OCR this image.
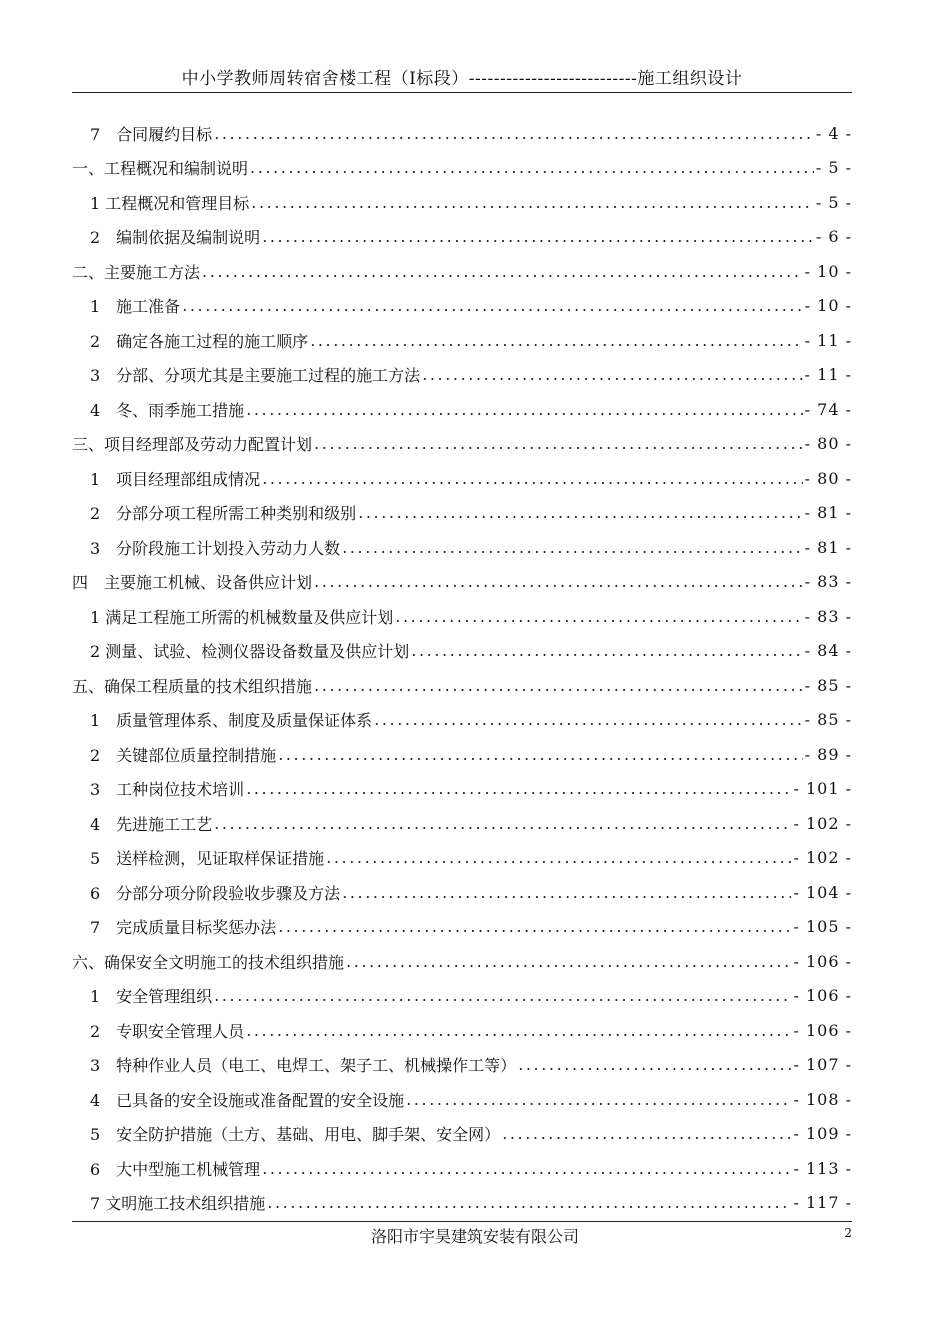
中小学教师周转宿舍楼工程（Ⅰ标段）---------------------------施工组织设计
7　合同履约目标 .....	- 4 -
一、工程概况和编制说明 .....	- 5 -
1 工程概况和管理目标 .....	- 5 -
2　编制依据及编制说明 .....	- 6 -
二、主要施工方法 .....	- 10 -
1　施工准备 .....	- 10 -
2　确定各施工过程的施工顺序 .....	- 11 -
3　分部、分项尤其是主要施工过程的施工方法 .....	- 11 -
4　冬、雨季施工措施 .....	- 74 -
三、项目经理部及劳动力配置计划 .....	- 80 -
1　项目经理部组成情况 .....	- 80 -
2　分部分项工程所需工种类别和级别 .....	- 81 -
3　分阶段施工计划投入劳动力人数 .....	- 81 -
四　主要施工机械、设备供应计划 .....	- 83 -
1 满足工程施工所需的机械数量及供应计划 .....	- 83 -
2 测量、试验、检测仪器设备数量及供应计划 .....	- 84 -
五、确保工程质量的技术组织措施 .....	- 85 -
1　质量管理体系、制度及质量保证体系 .....	- 85 -
2　关键部位质量控制措施 .....	- 89 -
3　工种岗位技术培训 .....	- 101 -
4　先进施工工艺 .....	- 102 -
5　送样检测，见证取样保证措施 .....	- 102 -
6　分部分项分阶段验收步骤及方法 .....	- 104 -
7　完成质量目标奖惩办法 .....	- 105 -
六、确保安全文明施工的技术组织措施 .....	- 106 -
1　安全管理组织 .....	- 106 -
2　专职安全管理人员 .....	- 106 -
3　特种作业人员（电工、电焊工、架子工、机械操作工等） .....	- 107 -
4　已具备的安全设施或准备配置的安全设施 .....	- 108 -
5　安全防护措施（土方、基础、用电、脚手架、安全网） .....	- 109 -
6　大中型施工机械管理 .....	- 113 -
7 文明施工技术组织措施 .....	- 117 -
洛阳市宇昊建筑安装有限公司	2
